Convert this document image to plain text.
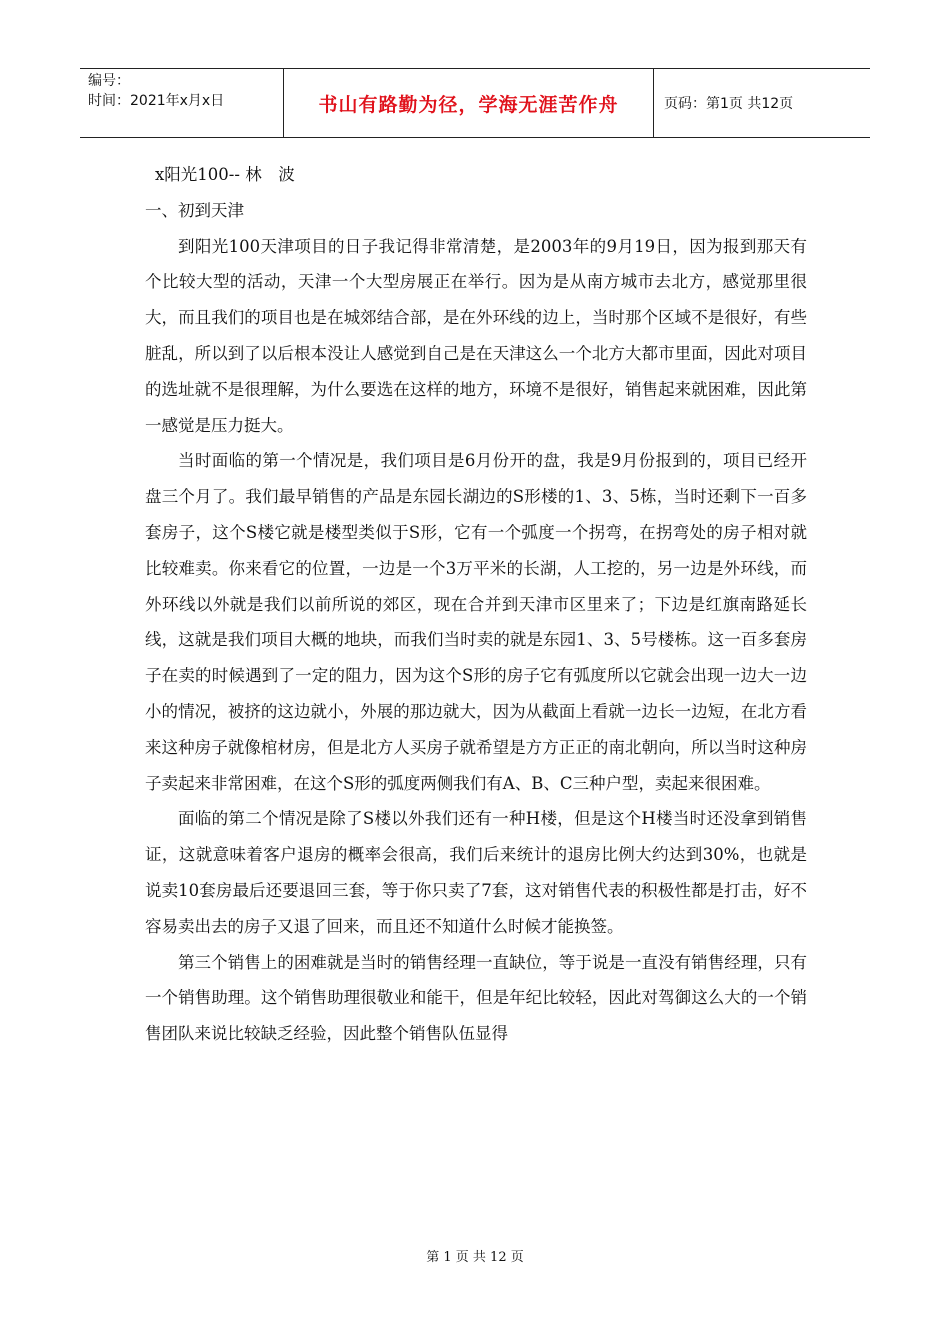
编号：
时间：2021年x月x日	书山有路勤为径，学海无涯苦作舟	页码：第1页 共12页

x阳光100-- 林　波

一、初到天津

到阳光100天津项目的日子我记得非常清楚，是2003年的9月19日，因为报到那天有个比较大型的活动，天津一个大型房展正在举行。因为是从南方城市去北方，感觉那里很大，而且我们的项目也是在城郊结合部，是在外环线的边上，当时那个区域不是很好，有些脏乱，所以到了以后根本没让人感觉到自己是在天津这么一个北方大都市里面，因此对项目的选址就不是很理解，为什么要选在这样的地方，环境不是很好，销售起来就困难，因此第一感觉是压力挺大。

当时面临的第一个情况是，我们项目是6月份开的盘，我是9月份报到的，项目已经开盘三个月了。我们最早销售的产品是东园长湖边的S形楼的1、3、5栋，当时还剩下一百多套房子，这个S楼它就是楼型类似于S形，它有一个弧度一个拐弯，在拐弯处的房子相对就比较难卖。你来看它的位置，一边是一个3万平米的长湖，人工挖的，另一边是外环线，而外环线以外就是我们以前所说的郊区，现在合并到天津市区里来了；下边是红旗南路延长线，这就是我们项目大概的地块，而我们当时卖的就是东园1、3、5号楼栋。这一百多套房子在卖的时候遇到了一定的阻力，因为这个S形的房子它有弧度所以它就会出现一边大一边小的情况，被挤的这边就小，外展的那边就大，因为从截面上看就一边长一边短，在北方看来这种房子就像棺材房，但是北方人买房子就希望是方方正正的南北朝向，所以当时这种房子卖起来非常困难，在这个S形的弧度两侧我们有A、B、C三种户型，卖起来很困难。

面临的第二个情况是除了S楼以外我们还有一种H楼，但是这个H楼当时还没拿到销售证，这就意味着客户退房的概率会很高，我们后来统计的退房比例大约达到30%，也就是说卖10套房最后还要退回三套，等于你只卖了7套，这对销售代表的积极性都是打击，好不容易卖出去的房子又退了回来，而且还不知道什么时候才能换签。

第三个销售上的困难就是当时的销售经理一直缺位，等于说是一直没有销售经理，只有一个销售助理。这个销售助理很敬业和能干，但是年纪比较轻，因此对驾御这么大的一个销售团队来说比较缺乏经验，因此整个销售队伍显得

第 1 页 共 12 页
